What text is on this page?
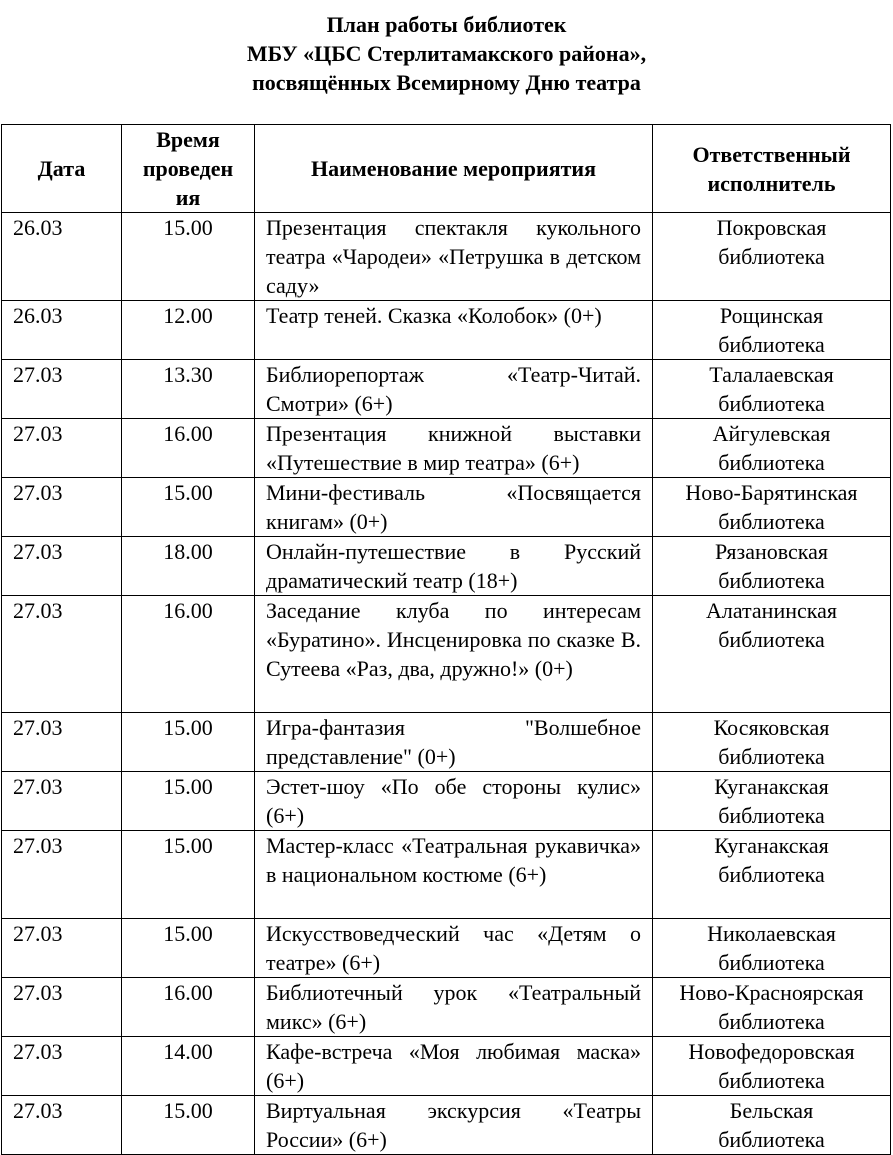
План работы библиотек
МБУ «ЦБС Стерлитамакского района»,
посвящённых Всемирному Дню театра
Дата	Время
проведен
ия	Наименование мероприятия	Ответственный
исполнитель

26.03	15.00	Презентация спектакля кукольного театра «Чародеи» «Петрушка в детском саду»	Покровская
библиотека

26.03	12.00	Театр теней. Сказка «Колобок» (0+)	Рощинская
библиотека

27.03	13.30	Библиорепортаж «Театр-Читай. Смотри» (6+)	Талалаевская
библиотека

27.03	16.00	Презентация книжной выставки «Путешествие в мир театра» (6+)	Айгулевская
библиотека

27.03	15.00	Мини-фестиваль «Посвящается книгам» (0+)	Ново-Барятинская
библиотека

27.03	18.00	Онлайн-путешествие в Русский драматический театр (18+)	Рязановская
библиотека

27.03	16.00	Заседание клуба по интересам «Буратино». Инсценировка по сказке В. Сутеева «Раз, два, дружно!» (0+)	Алатанинская
библиотека

27.03	15.00	Игра-фантазия "Волшебное представление" (0+)	Косяковская
библиотека

27.03	15.00	Эстет-шоу «По обе стороны кулис» (6+)	Куганакская
библиотека

27.03	15.00	Мастер-класс «Театральная рукавичка» в национальном костюме (6+)	Куганакская
библиотека

27.03	15.00	Искусствоведческий час «Детям о театре» (6+)	Николаевская
библиотека

27.03	16.00	Библиотечный урок «Театральный микс» (6+)	Ново-Красноярская
библиотека

27.03	14.00	Кафе-встреча «Моя любимая маска» (6+)	Новофедоровская
библиотека

27.03	15.00	Виртуальная экскурсия «Театры России» (6+)	Бельская
библиотека
